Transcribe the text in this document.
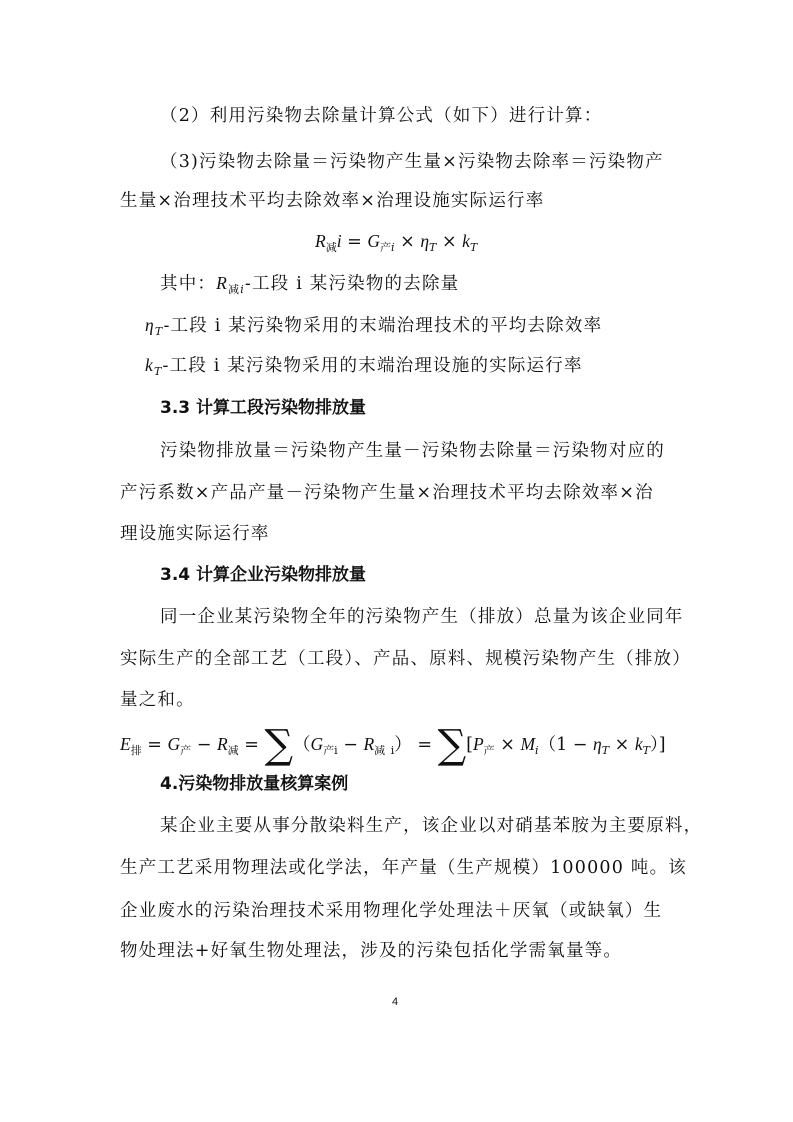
（2）利用污染物去除量计算公式（如下）进行计算：
（3)污染物去除量＝污染物产生量×污染物去除率＝污染物产
生量×治理技术平均去除效率×治理设施实际运行率
$R_减i = G_{产i} \times \eta_T \times k_T$
其中：$R_{减i}-$工段 i 某污染物的去除量
$\eta_T-$工段 i 某污染物采用的末端治理技术的平均去除效率
$k_T-$工段 i 某污染物采用的末端治理设施的实际运行率
3.3 计算工段污染物排放量
污染物排放量＝污染物产生量－污染物去除量＝污染物对应的
产污系数×产品产量－污染物产生量×治理技术平均去除效率×治
理设施实际运行率
3.4 计算企业污染物排放量
同一企业某污染物全年的污染物产生（排放）总量为该企业同年
实际生产的全部工艺（工段）、产品、原料、规模污染物产生（排放）
量之和。
$E_排 = G_产 - R_减 = \sum(G_{产i} - R_减$ $_i) = \sum[P_产 \times M_i(1 - \eta_T \times k_T)]$
4.污染物排放量核算案例
某企业主要从事分散染料生产，该企业以对硝基苯胺为主要原料，
生产工艺采用物理法或化学法，年产量（生产规模）100000 吨。该
企业废水的污染治理技术采用物理化学处理法＋厌氧（或缺氧）生
物处理法+好氧生物处理法，涉及的污染包括化学需氧量等。
4
